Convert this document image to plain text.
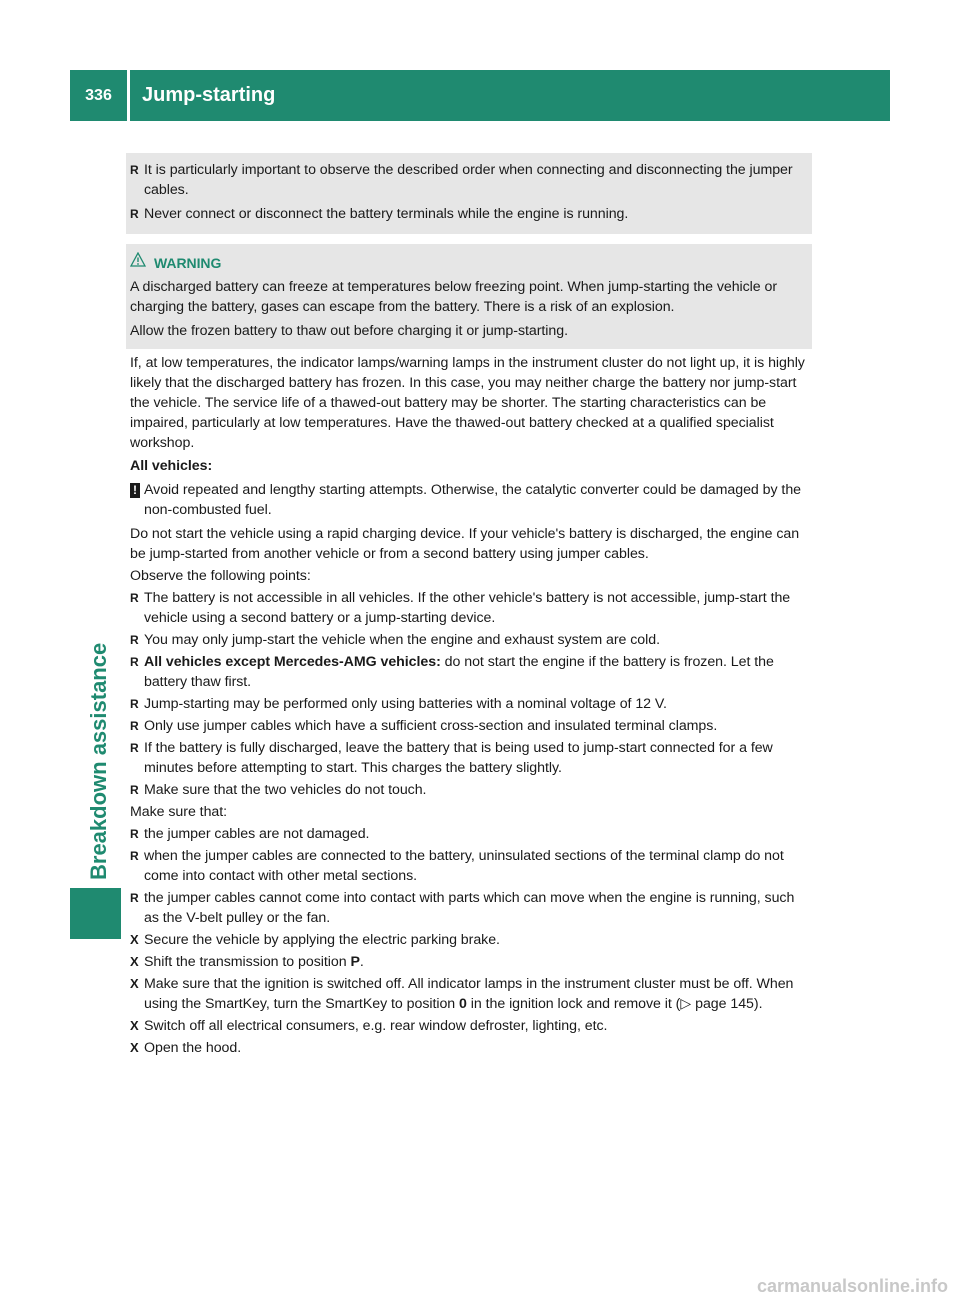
336	Jump-starting
Breakdown assistance
R It is particularly important to observe the described order when connecting and disconnecting the jumper cables.
R Never connect or disconnect the battery terminals while the engine is running.
WARNING

A discharged battery can freeze at temperatures below freezing point. When jump-starting the vehicle or charging the battery, gases can escape from the battery. There is a risk of an explosion.

Allow the frozen battery to thaw out before charging it or jump-starting.

If, at low temperatures, the indicator lamps/warning lamps in the instrument cluster do not light up, it is highly likely that the discharged battery has frozen. In this case, you may neither charge the battery nor jump-start the vehicle. The service life of a thawed-out battery may be shorter. The starting characteristics can be impaired, particularly at low temperatures. Have the thawed-out battery checked at a qualified specialist workshop.

All vehicles:

! Avoid repeated and lengthy starting attempts. Otherwise, the catalytic converter could be damaged by the non-combusted fuel.

Do not start the vehicle using a rapid charging device. If your vehicle's battery is discharged, the engine can be jump-started from another vehicle or from a second battery using jumper cables.

Observe the following points:

R The battery is not accessible in all vehicles. If the other vehicle's battery is not accessible, jump-start the vehicle using a second battery or a jump-starting device.
R You may only jump-start the vehicle when the engine and exhaust system are cold.
R All vehicles except Mercedes-AMG vehicles: do not start the engine if the battery is frozen. Let the battery thaw first.
R Jump-starting may be performed only using batteries with a nominal voltage of 12 V.
R Only use jumper cables which have a sufficient cross-section and insulated terminal clamps.
R If the battery is fully discharged, leave the battery that is being used to jump-start connected for a few minutes before attempting to start. This charges the battery slightly.
R Make sure that the two vehicles do not touch.

Make sure that:

R the jumper cables are not damaged.
R when the jumper cables are connected to the battery, uninsulated sections of the terminal clamp do not come into contact with other metal sections.
R the jumper cables cannot come into contact with parts which can move when the engine is running, such as the V-belt pulley or the fan.
X Secure the vehicle by applying the electric parking brake.
X Shift the transmission to position P.
X Make sure that the ignition is switched off. All indicator lamps in the instrument cluster must be off. When using the SmartKey, turn the SmartKey to position 0 in the ignition lock and remove it (▷ page 145).
X Switch off all electrical consumers, e.g. rear window defroster, lighting, etc.
X Open the hood.
carmanualsonline.info
